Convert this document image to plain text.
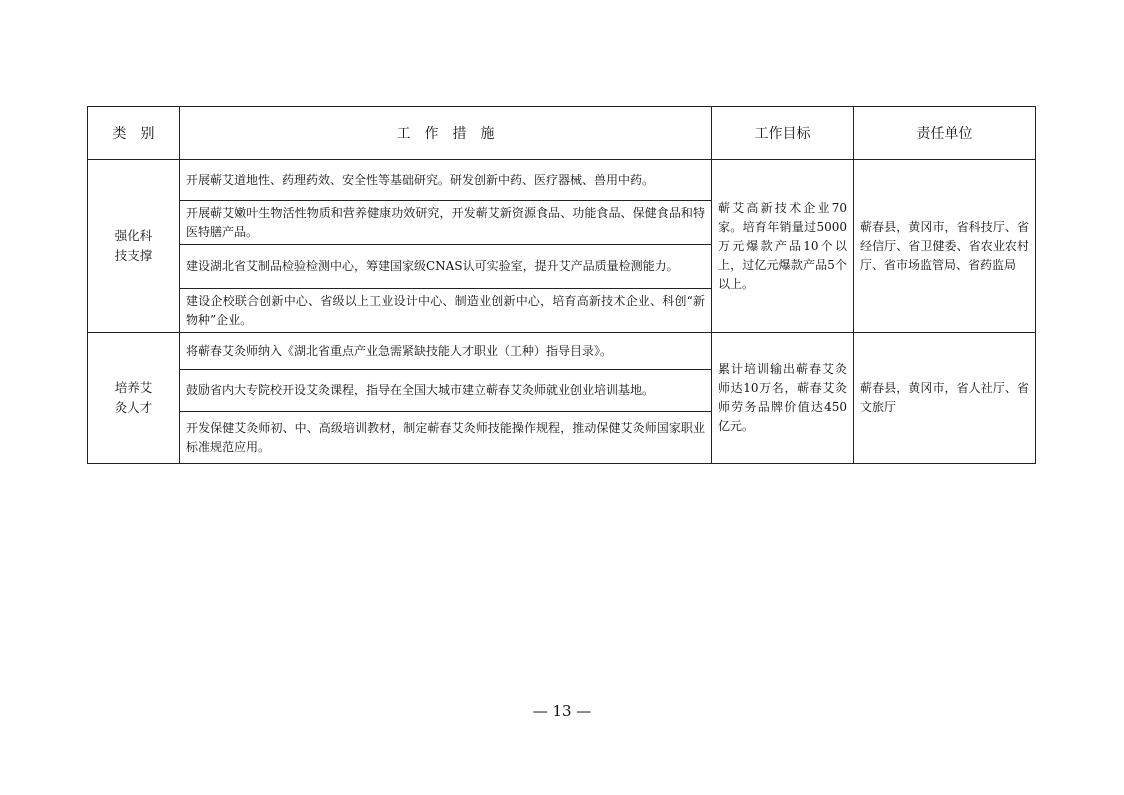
类　别	工　作　措　施	工作目标	责任单位

强化科
技支撑	开展蕲艾道地性、药理药效、安全性等基础研究。研发创新中药、医疗器械、兽用中药。	蕲艾高新技术企业70家。培育年销量过5000万元爆款产品10个以上，过亿元爆款产品5个以上。	蕲春县，黄冈市，省科技厅、省经信厅、省卫健委、省农业农村厅、省市场监管局、省药监局
	开展蕲艾嫩叶生物活性物质和营养健康功效研究，开发蕲艾新资源食品、功能食品、保健食品和特医特膳产品。		
	建设湖北省艾制品检验检测中心，筹建国家级CNAS认可实验室，提升艾产品质量检测能力。		
	建设企校联合创新中心、省级以上工业设计中心、制造业创新中心，培育高新技术企业、科创“新物种”企业。		

培养艾
灸人才	将蕲春艾灸师纳入《湖北省重点产业急需紧缺技能人才职业（工种）指导目录》。	累计培训输出蕲春艾灸师达10万名，蕲春艾灸师劳务品牌价值达450亿元。	蕲春县，黄冈市，省人社厅、省文旅厅
	鼓励省内大专院校开设艾灸课程，指导在全国大城市建立蕲春艾灸师就业创业培训基地。		
	开发保健艾灸师初、中、高级培训教材，制定蕲春艾灸师技能操作规程，推动保健艾灸师国家职业标准规范应用。		
— 13 —
